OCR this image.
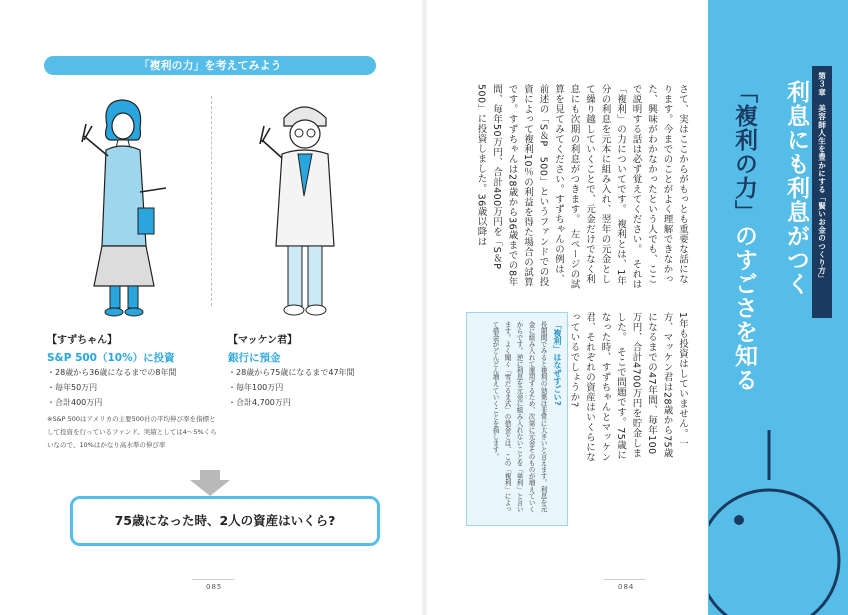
「複利の力」を考えてみよう
【すずちゃん】
S&P 500（10%）に投資
・28歳から36歳になるまでの8年間
・毎年50万円
・合計400万円
【マッケン君】
銀行に預金
・28歳から75歳になるまで47年間
・毎年100万円
・合計4,700万円
※S&P 500はアメリカの主要500社の平均伸び率を指標として投資を行っているファンド。実績としては4～5%くらいなので、10%はかなり高水準の伸び率
75歳になった時、2人の資産はいくら?
085
さて、実はここからがもっとも重要な話になります。今までのことがよく理解できなかった、興味がわかなかったという人でも、ここで説明する話は必ず覚えてください。　それは「複利」の力についてです。　複利とは、1年分の利息を元本に組み入れ、翌年の元金として繰り越していくことで、元金だけでなく利息にも次期の利息がつきます。　左ページの試算を見てみてください。すずちゃんの例は、前述の「S＆P　500」というファンドでの投資によって複利10％の利益を得た場合の試算です。すずちゃんは28歳から36歳までの8年間、毎年50万円、合計400万円を「S＆P　500」に投資しました。36歳以降は
1年も投資はしていません。一方、マッケン君は28歳から75歳になるまでの47年間、毎年100万円、合計4700万円を貯金しました。　そこで問題です。75歳になった時、すずちゃんとマッケン君、それぞれの資産はいくらになっているでしょうか?
「複利」はなぜすごい?
長期間でみると複利の効果は非常に大きいと言えます。利息を元金に組み入れて運用するため、次第に元金そのものが増えていくからです。逆に利息を元金に組み入れないことを「単利」と言います。よく聞く「雪だるま式」の借金とは、この「複利」によって借金がどんどん増えていくことを指します。
084
第３章　美容師人生を豊かにする「賢いお金のつくり方」
利息にも利息がつく
「複利の力」のすごさを知る
